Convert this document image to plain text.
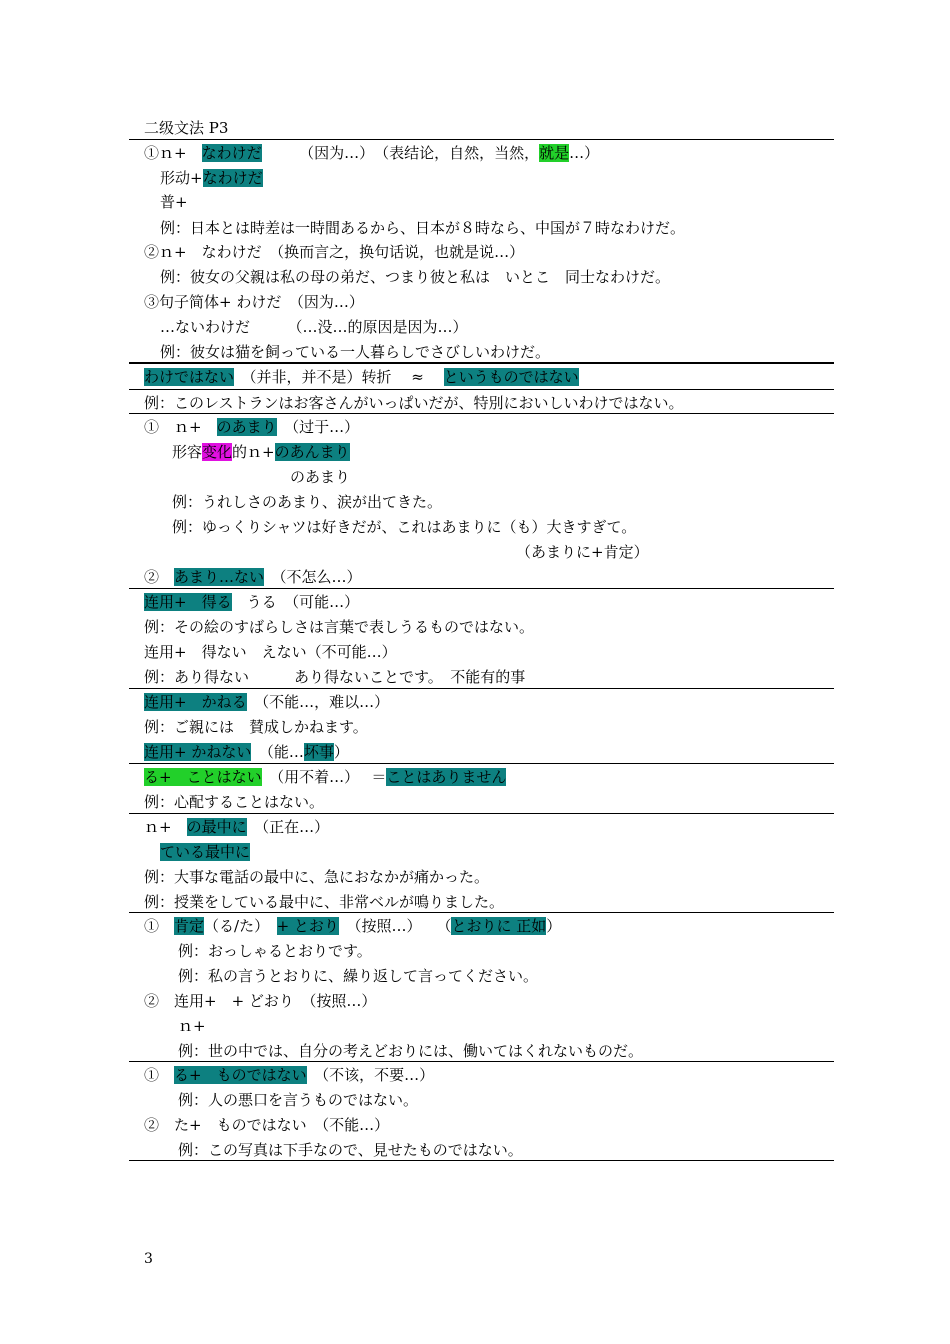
二级文法 P3
①ｎ+　なわけだ　　　（因为…）　（表结论，自然，当然，就是…）
形动+なわけだ
普+
例：日本とは時差は一時間あるから、日本が８時なら、中国が７時なわけだ。
②ｎ+　なわけだ　（换而言之，换句话说，也就是说…）
例：彼女の父親は私の母の弟だ、つまり彼と私は　いとこ　同士なわけだ。
③句子简体+ わけだ　（因为…）
…ないわけだ　　　（…没…的原因是因为…）
例：彼女は猫を飼っている一人暮らしでさびしいわけだ。
わけではない　（并非，并不是）转折　 ≈ 　というものではない
例：このレストランはお客さんがいっぱいだが、特別においしいわけではない。
①　ｎ+　のあまり　（过于…）
形容变化的ｎ+のあんまり
のあまり
例：うれしさのあまり、涙が出てきた。
例：ゆっくりシャツは好きだが、これはあまりに（も）大きすぎて。
（あまりに+肯定）
②　あまり…ない　（不怎么…）
连用+　得る　うる　（可能…）
例：その絵のすばらしさは言葉で表しうるものではない。
连用+　得ない　えない（不可能…）
例：あり得ない　　　あり得ないことです。　不能有的事
连用+　かねる　（不能…，难以…）
例：ご親には　賛成しかねます。
连用+ かねない　（能…坏事）
る+　ことはない　（用不着…）　 ＝ことはありません
例：心配することはない。
ｎ+　の最中に　（正在…）
ている最中に
例：大事な電話の最中に、急におなかが痛かった。
例：授業をしている最中に、非常ベルが鳴りました。
①　肯定（る/た）　+ とおり　（按照…）　　（とおりに 正如）
例：おっしゃるとおりです。
例：私の言うとおりに、繰り返して言ってください。
②　连用+　+ どおり　（按照…）
ｎ+
例：世の中では、自分の考えどおりには、働いてはくれないものだ。
①　る+　ものではない　（不该，不要…）
例：人の悪口を言うものではない。
②　た+　ものではない　（不能…）
例：この写真は下手なので、見せたものではない。
3
